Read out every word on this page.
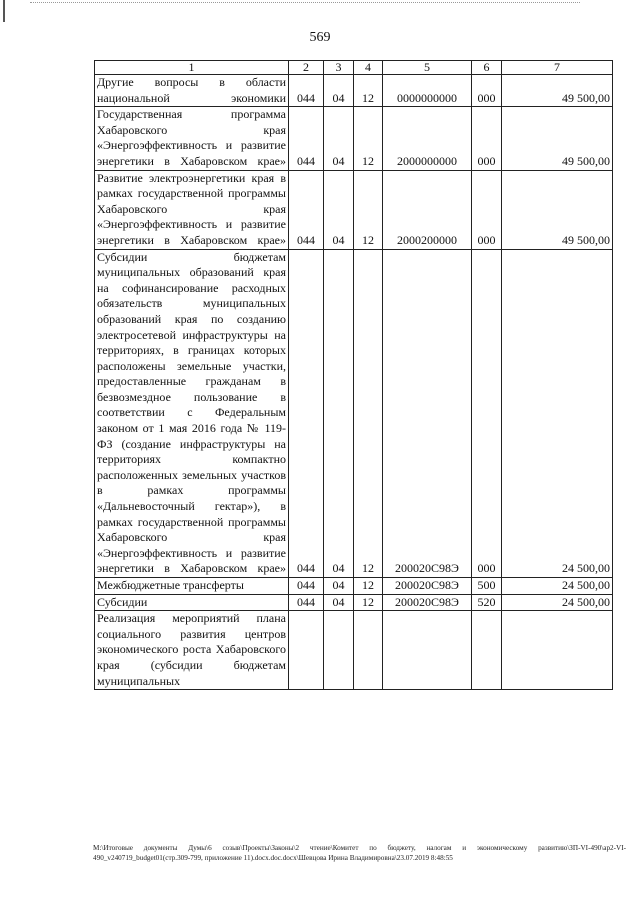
569
1	2	3	4	5	6	7
Другие вопросы в области национальной экономики	044	04	12	0000000000	000	49 500,00
Государственная программа Хабаровского края «Энергоэффективность и развитие энергетики в Хабаровском крае»	044	04	12	2000000000	000	49 500,00
Развитие электроэнергетики края в рамках государственной программы Хабаровского края «Энергоэффективность и развитие энергетики в Хабаровском крае»	044	04	12	2000200000	000	49 500,00
Субсидии бюджетам муниципальных образований края на софинансирование расходных обязательств муниципальных образований края по созданию электросетевой инфраструктуры на территориях, в границах которых расположены земельные участки, предоставленные гражданам в безвозмездное пользование в соответствии с Федеральным законом от 1 мая 2016 года № 119-ФЗ (создание инфраструктуры на территориях компактно расположенных земельных участков в рамках программы «Дальневосточный гектар»), в рамках государственной программы Хабаровского края «Энергоэффективность и развитие энергетики в Хабаровском крае»	044	04	12	200020С98Э	000	24 500,00
Межбюджетные трансферты	044	04	12	200020С98Э	500	24 500,00
Субсидии	044	04	12	200020С98Э	520	24 500,00
Реализация мероприятий плана социального развития центров экономического роста Хабаровского края (субсидии бюджетам муниципальных						
M:\Итоговые документы Думы\6 созыв\Проекты\Законы\2 чтение\Комитет по бюджету, налогам и экономическому развитию\ЗП-VI-490\ар2-VI-490_v240719_budget01(стр.309-799, приложение 11).docx.doc.docx\Шевцова Ирина Владимировна\23.07.2019 8:48:55
